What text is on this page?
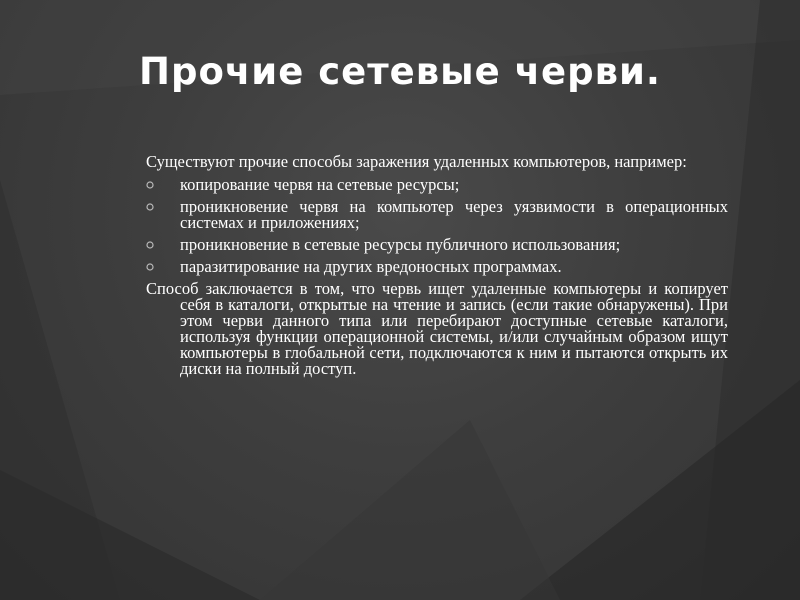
Прочие сетевые черви.

Существуют прочие способы заражения удаленных компьютеров, например:

копирование червя на сетевые ресурсы;
проникновение червя на компьютер через уязвимости в операционных системах и приложениях;
проникновение в сетевые ресурсы публичного использования;
паразитирование на других вредоносных программах.

Способ заключается в том, что червь ищет удаленные компьютеры и копирует себя в каталоги, открытые на чтение и запись (если такие обнаружены). При этом черви данного типа или перебирают доступные сетевые каталоги, используя функции операционной системы, и/или случайным образом ищут компьютеры в глобальной сети, подключаются к ним и пытаются открыть их диски на полный доступ.
